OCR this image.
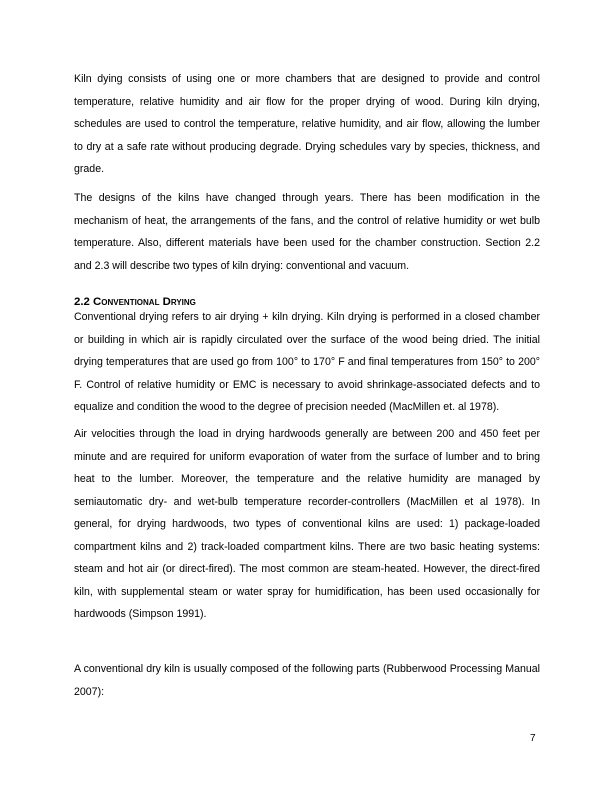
Kiln dying consists of using one or more chambers that are designed to provide and control temperature, relative humidity and air flow for the proper drying of wood. During kiln drying, schedules are used to control the temperature, relative humidity, and air flow, allowing the lumber to dry at a safe rate without producing degrade. Drying schedules vary by species, thickness, and grade.

The designs of the kilns have changed through years. There has been modification in the mechanism of heat, the arrangements of the fans, and the control of relative humidity or wet bulb temperature. Also, different materials have been used for the chamber construction. Section 2.2 and 2.3 will describe two types of kiln drying: conventional and vacuum.

2.2 Conventional Drying

Conventional drying refers to air drying + kiln drying. Kiln drying is performed in a closed chamber or building in which air is rapidly circulated over the surface of the wood being dried. The initial drying temperatures that are used go from 100° to 170° F and final temperatures from 150° to 200° F. Control of relative humidity or EMC is necessary to avoid shrinkage-associated defects and to equalize and condition the wood to the degree of precision needed (MacMillen et. al 1978).

Air velocities through the load in drying hardwoods generally are between 200 and 450 feet per minute and are required for uniform evaporation of water from the surface of lumber and to bring heat to the lumber. Moreover, the temperature and the relative humidity are managed by semiautomatic dry- and wet-bulb temperature recorder-controllers (MacMillen et al 1978). In general, for drying hardwoods, two types of conventional kilns are used: 1) package-loaded compartment kilns and 2) track-loaded compartment kilns. There are two basic heating systems: steam and hot air (or direct-fired). The most common are steam-heated. However, the direct-fired kiln, with supplemental steam or water spray for humidification, has been used occasionally for hardwoods (Simpson 1991).

A conventional dry kiln is usually composed of the following parts (Rubberwood Processing Manual 2007):

7
